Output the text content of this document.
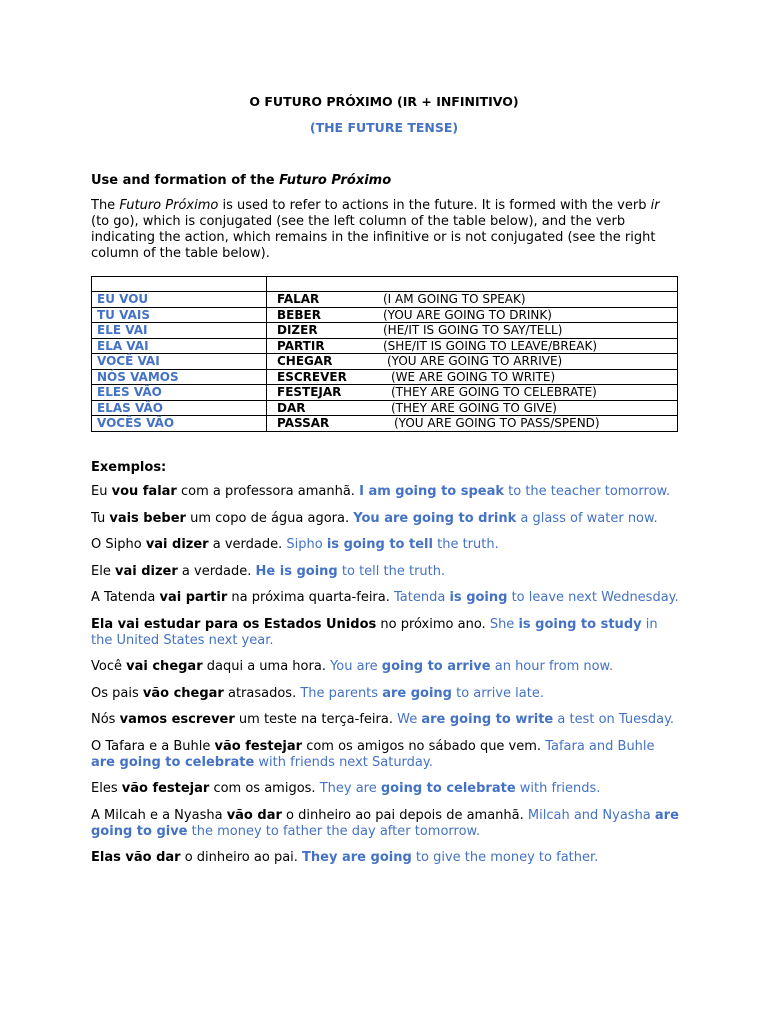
O FUTURO PRÓXIMO (IR + INFINITIVO)
(THE FUTURE TENSE)
Use and formation of the Futuro Próximo
The Futuro Próximo is used to refer to actions in the future. It is formed with the verb ir (to go), which is conjugated (see the left column of the table below), and the verb indicating the action, which remains in the infinitive or is not conjugated (see the right column of the table below).

EU VOU	FALAR (I AM GOING TO SPEAK)
TU VAIS	BEBER (YOU ARE GOING TO DRINK)
ELE VAI	DIZER (HE/IT IS GOING TO SAY/TELL)
ELA VAI	PARTIR (SHE/IT IS GOING TO LEAVE/BREAK)
VOCÊ VAI	CHEGAR (YOU ARE GOING TO ARRIVE)
NÓS VAMOS	ESCREVER (WE ARE GOING TO WRITE)
ELES VÃO	FESTEJAR (THEY ARE GOING TO CELEBRATE)
ELAS VÃO	DAR (THEY ARE GOING TO GIVE)
VOCÊS VÃO	PASSAR (YOU ARE GOING TO PASS/SPEND)
Exemplos:
Eu vou falar com a professora amanhã. I am going to speak to the teacher tomorrow.
Tu vais beber um copo de água agora. You are going to drink a glass of water now.
O Sipho vai dizer a verdade. Sipho is going to tell the truth.
Ele vai dizer a verdade. He is going to tell the truth.
A Tatenda vai partir na próxima quarta-feira. Tatenda is going to leave next Wednesday.
Ela vai estudar para os Estados Unidos no próximo ano. She is going to study in the United States next year.
Você vai chegar daqui a uma hora. You are going to arrive an hour from now.
Os pais vão chegar atrasados. The parents are going to arrive late.
Nós vamos escrever um teste na terça-feira. We are going to write a test on Tuesday.
O Tafara e a Buhle vão festejar com os amigos no sábado que vem. Tafara and Buhle are going to celebrate with friends next Saturday.
Eles vão festejar com os amigos. They are going to celebrate with friends.
A Milcah e a Nyasha vão dar o dinheiro ao pai depois de amanhã. Milcah and Nyasha are going to give the money to father the day after tomorrow.
Elas vão dar o dinheiro ao pai. They are going to give the money to father.
